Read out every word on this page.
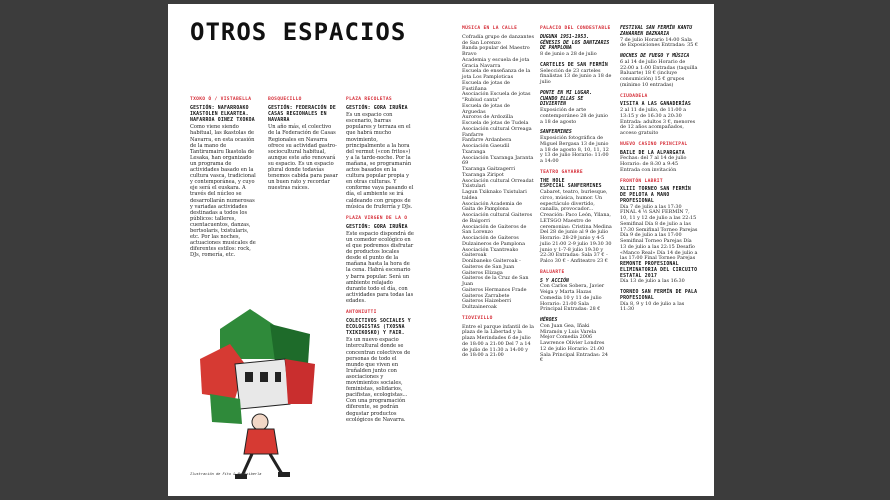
OTROS ESPACIOS

TXOKO Ó / VISTABELLA

GESTIÓN: NAFARROAKO IKASTOLEN ELKARTEA. NAFARROA OINEZ TXOKOA

Como viene siendo habitual, las ikastolas de Navarra, en esta ocasión de la mano de Tantirumairu Ikastola de Lesaka, han organizado un programa de actividades basado en la cultura vasca, tradicional y contemporánea, y cuyo eje será el euskara. A través del núcleo se desarrollarán numerosas y variadas actividades destinadas a todos los públicos: talleres, cuentacuentos, danzas, bertsolaris, txistularis, etc. Por las noches, actuaciones musicales de diferentes estilos: rock, DJs, romería, etc.

BOSQUECILLO

GESTIÓN: FEDERACIÓN DE CASAS REGIONALES EN NAVARRA

Un año más, el colectivo de la Federación de Casas Regionales en Navarra ofrece su actividad gastro-sociocultural habitual, aunque este año renovará su espacio. Es un espacio plural donde todavías tenemos cabida para pasar un buen rato y recordar nuestras raíces.

PLAZA RECOLETAS

GESTIÓN: GORA IRUÑEA

Es un espacio con escenario, barras populares y terraza en el que habrá mucho movimiento, principalmente a la hora del vermut («con fritos») y a la tarde-noche. Por la mañana, se programarán actos basados en la cultura popular propia y en otras culturas. Y conforme vaya pasando el día, el ambiente se irá caldeando con grupos de música de fruferría y DJs.

PLAZA VIRGEN DE LA O

GESTIÓN: GORA IRUÑEA

Este espacio dispondrá de un comedor ecológico en el que podremos disfrutar de productos locales desde el punto de la mañana hasta la hora de la cena. Habrá escenario y barra popular. Será un ambiente relajado durante todo el día, con actividades para todas las edades.

ANTONIUTTI

COLECTIVOS SOCIALES Y ECOLOGISTAS (TXOSNA TXIKIKOSKO) Y FAIR.

Es un nuevo espacio intercultural donde se concentran colectivos de personas de todo el mundo que viven en Iruñalden junto con asociaciones y movimientos sociales, feministas, solidarios, pacifistas, ecologistas... Con una programación diferente, se podrán degustar productos ecológicos de Navarra.

MÚSICA EN LA CALLE

Cofradía grupo de danzantes de San Lorenzo

Banda popular del Maestro Bravo

Academia y escuela de jota Gracia Navarra

Escuela de enseñanza de la jota Los Pamploticas

Escuela de jotas de Fustiñana

Asociación Escuela de jotas "Rubiud canta"

Escuela de jotas de Arguedas

Auroros de Ardozilla

Escuela de jotas de Tudela

Asociación cultural Orreaga Fanfarre

Fanfarre Ardanbera

Asociación Gaeudil Txaranga

Asociación Txaranga Jaranta 69

Txaranga Gaitzagerri

Txaranga Ziripot

Asociación cultural Orreadat Txistulari

Lagun Txiknako Txistulari taldea

Asociación Academia de Gaita de Pamplona

Asociación cultural Gaiteros de Baigorri

Asociación de Gaiteros de San Lorenzo

Asociación de Gaiteros Dulzaineros de Pamplona

Asociación Txantreako Gaiteroak

Donibaneko Gaiteroak - Gaiteros de San Juan

Gaiteros Elizaga

Gaiteros de la Cruz de San Juan

Gaiteros Hermanos Frade

Gaiteros Zarrabete

Gaiteros Haizeberri

Dultzaineroak

TIOVIVILLO

Entre el parque infantil de la plaza de la Libertad y la plaza Merindades 6 de julio de 18:00 a 21:00 Del 7 a 14 de julio de 11:30 a 14:00 y de 18:00 a 21:00

PALACIO DEL CONDESTABLE

DUGUNA 1951-1953. GÉNESIS DE LOS DANTZARIS DE PAMPLONA

8 de junio a 28 de julio

CARTELES DE SAN FERMÍN

Selección de 23 carteles finalistas 13 de junio a 18 de julio

PONTE EN MI LUGAR. CUANDO ELLAS SE DIVIERTEN

Exposición de arte contemporáneo 28 de junio a 18 de agosto

SANFERMINES

Exposición fotográfica de Miguel Bergasa 13 de junio a 18 de agosto 8, 10, 11, 12 y 13 de julio Horario: 11:00 a 14:00

TEATRO GAYARRE

THE HOLE

ESPECIAL SANFERMINES

Cabaret, teatro, burlesque, circo, música, humor. Un espectáculo divertido, canalla, provocador... Creación: Paco León, Yllana, LETSGO Maestro de ceremonias: Cristina Medina Del 28 de junio al 9 de julio Horario: 28-29 junio y 4-5 julio 21:00 2-9 julio 19:30 30 junio y 1-7-8 julio 19:30 y 22:30 Entradas: Sala 37 € - Palco 30 € - Anfiteatro 23 €

BALUARTE

5 Y ACCIÓN

Con Carlos Sobera, Javier Veiga y Marta Hazas Comedia 10 y 11 de julio Horario: 21:00 Sala Principal Entradas: 28 €

HÉROES

Con Juan Gea, Iñaki Miramón y Luis Varela Mejor Comedia 2006 Lawrence Olivier Londres 12 de julio Horario: 21:00 Sala Principal Entradas: 24 €

FESTIVAL SAN FERMÍN KANTU ZAHARREN BAZKARIA

7 de julio Horario 14:00 Sala de Exposiciones Entradas: 35 €

NOCHES DE FUEGO Y MÚSICA

6 al 14 de julio Horario de 22:00 a 1:00 Entradas (taquilla Baluarte) 18 € (incluye consumición) 15 € grupos (mínimo 10 entradas)

CIUDADELA

VISITA A LAS GANADERÍAS

2 al 11 de julio, de 11:00 a 13:15 y de 16:30 a 20:30 Entrada: adultos 3 €, menores de 12 años acompañados, acceso gratuito

NUEVO CASINO PRINCIPAL

BAILE DE LA ALPARGATA

Fechas: del 7 al 14 de julio Horario: de 8:30 a 9:45 Entrada con invitación

FRONTÓN LABRIT

XLIII TORNEO SAN FERMÍN DE PELOTA A MANO PROFESIONAL

Día 7 de julio a las 17:30 FINAL 4 ½ SAN FERMÍN 7, 10, 11 y 12 de julio a las 22:15 Semifinal Día 8 de julio a las 17:30 Semifinal Torneo Parejas Día 9 de julio a las 17:00 Semifinal Torneo Parejas Día 13 de julio a las 22:15 Desafío «Manco Real» Día 14 de julio a las 17:00 Final Torneo Parejas

REMONTE PROFESIONAL ELIMINATORIA DEL CIRCUITO ESTATAL 2017

Día 13 de julio a las 16:30

TORNEO SAN FERMÍN DE PALA PROFESIONAL

Día 8, 9 y 10 de julio a las 11:30

Ilustración de Fito & Montxiberla
